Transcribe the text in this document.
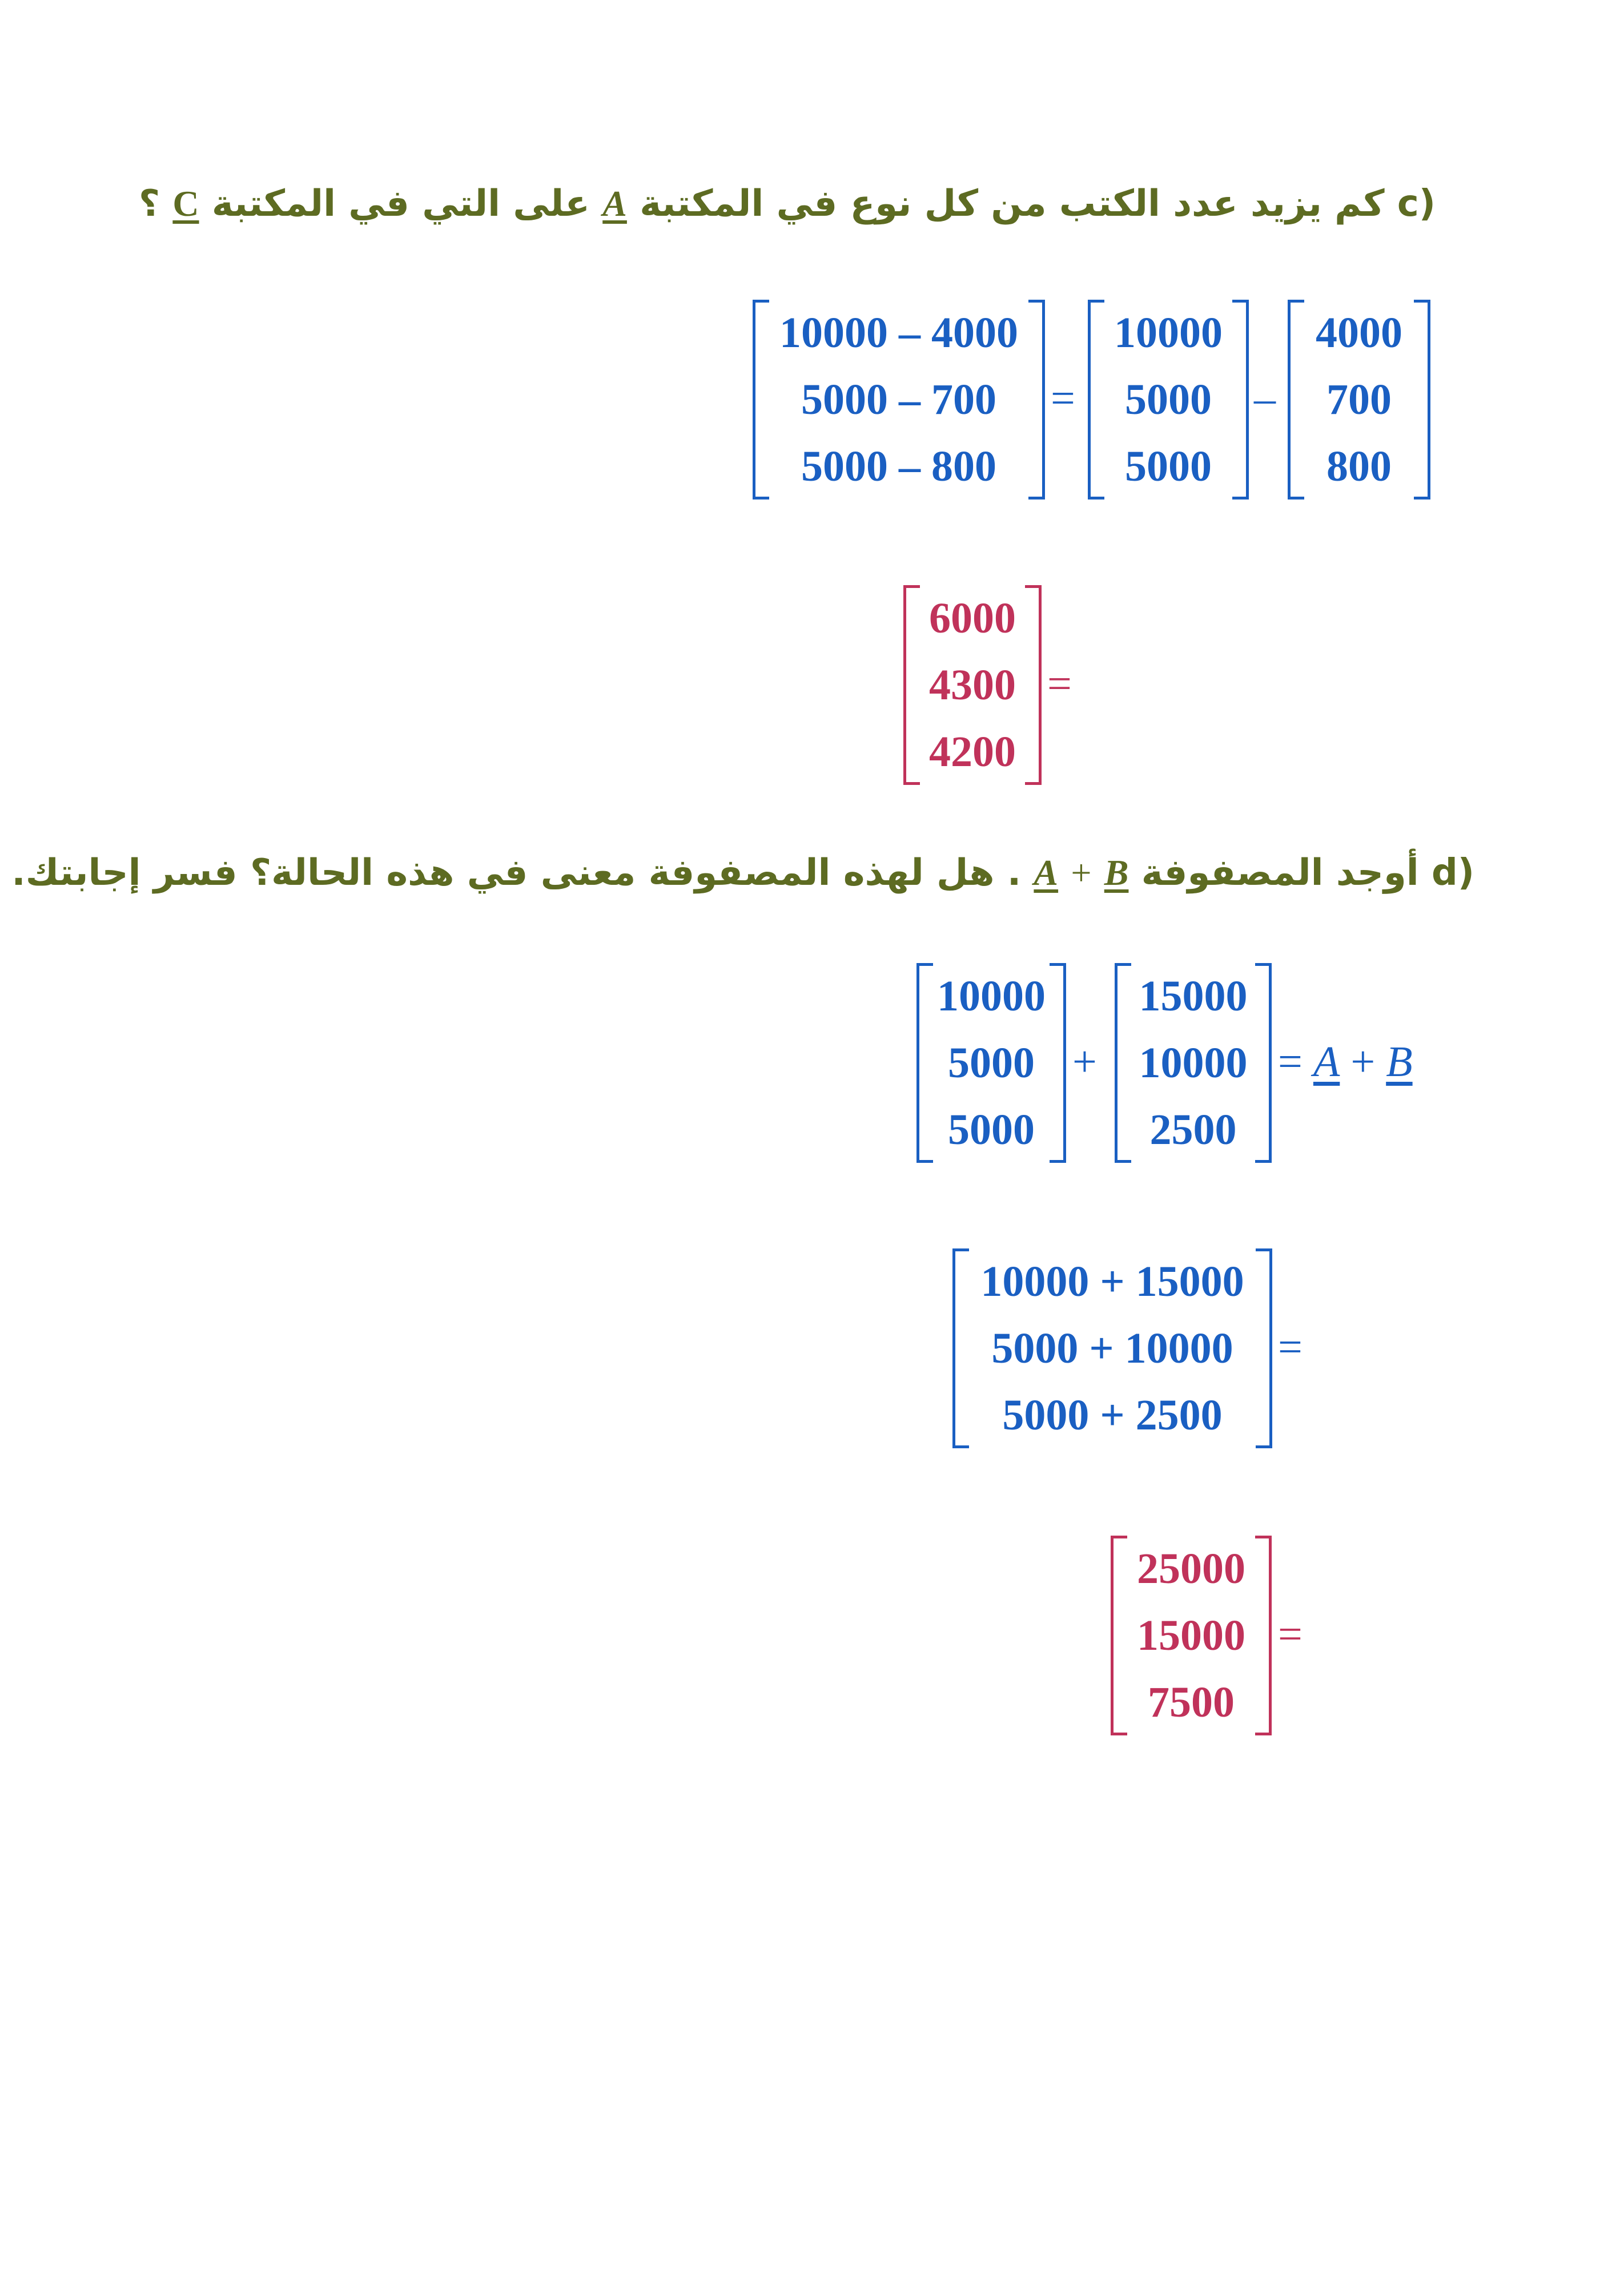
c) كم يزيد عدد الكتب من كل نوع في المكتبة A على التي في المكتبة C ؟
10000 – 4000
5000 – 700
5000 – 800
=
10000
5000
5000
–
4000
700
800
6000
4300
4200
=
d) أوجد المصفوفة B + A . هل لهذه المصفوفة معنى في هذه الحالة؟ فسر إجابتك.
10000
5000
5000
+
15000
10000
2500
= A + B
10000 + 15000
5000 + 10000
5000 + 2500
=
25000
15000
7500
=
